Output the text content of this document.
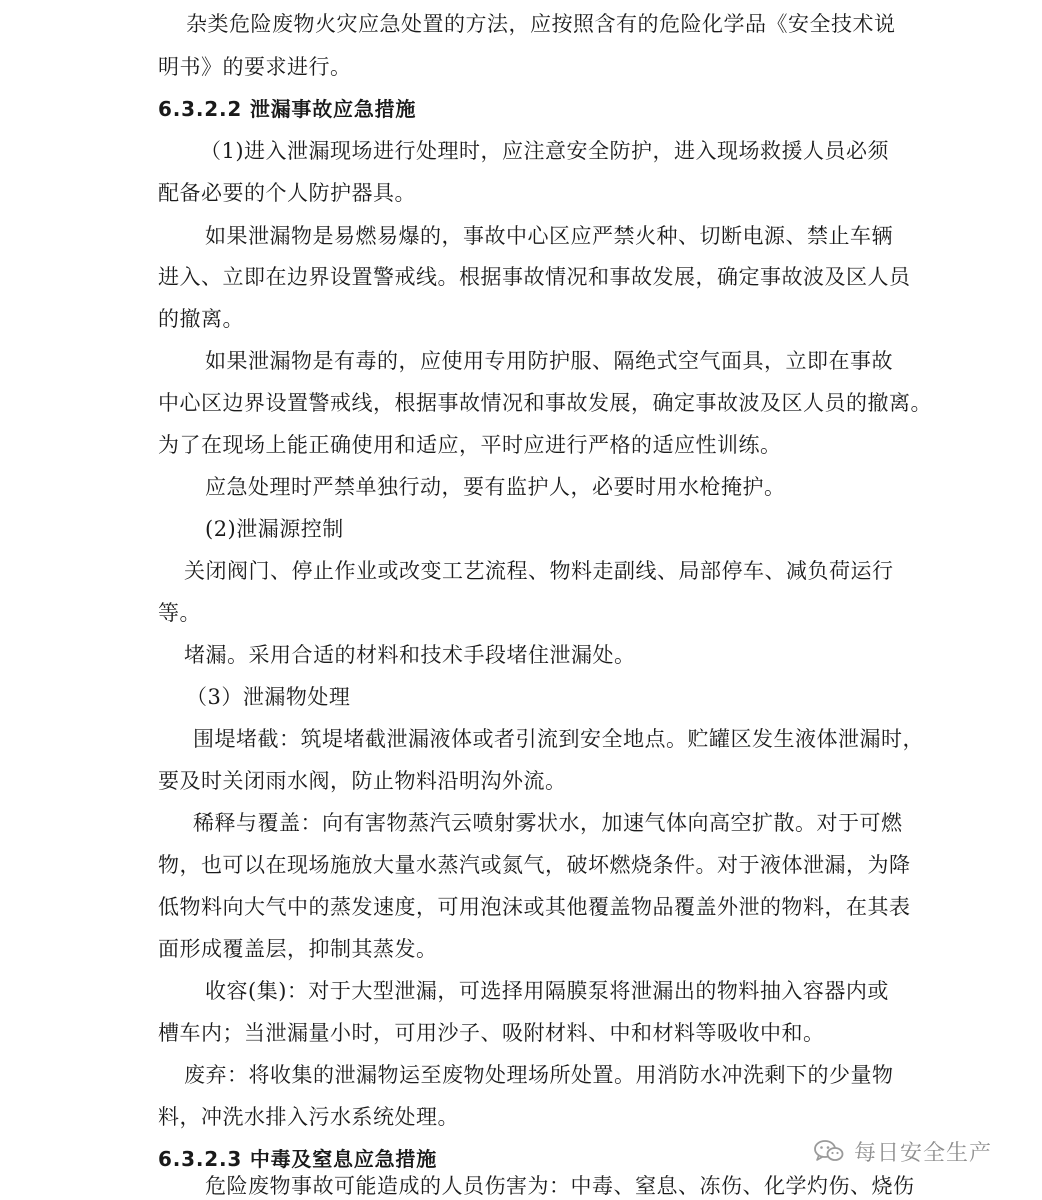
杂类危险废物火灾应急处置的方法，应按照含有的危险化学品《安全技术说
明书》的要求进行。
6.3.2.2 泄漏事故应急措施
（1)进入泄漏现场进行处理时，应注意安全防护，进入现场救援人员必须
配备必要的个人防护器具。
如果泄漏物是易燃易爆的，事故中心区应严禁火种、切断电源、禁止车辆
进入、立即在边界设置警戒线。根据事故情况和事故发展，确定事故波及区人员
的撤离。
如果泄漏物是有毒的，应使用专用防护服、隔绝式空气面具，立即在事故
中心区边界设置警戒线，根据事故情况和事故发展，确定事故波及区人员的撤离。
为了在现场上能正确使用和适应，平时应进行严格的适应性训练。
应急处理时严禁单独行动，要有监护人，必要时用水枪掩护。
(2)泄漏源控制
关闭阀门、停止作业或改变工艺流程、物料走副线、局部停车、减负荷运行
等。
堵漏。采用合适的材料和技术手段堵住泄漏处。
（3）泄漏物处理
围堤堵截：筑堤堵截泄漏液体或者引流到安全地点。贮罐区发生液体泄漏时，
要及时关闭雨水阀，防止物料沿明沟外流。
稀释与覆盖：向有害物蒸汽云喷射雾状水，加速气体向高空扩散。对于可燃
物，也可以在现场施放大量水蒸汽或氮气，破坏燃烧条件。对于液体泄漏，为降
低物料向大气中的蒸发速度，可用泡沫或其他覆盖物品覆盖外泄的物料，在其表
面形成覆盖层，抑制其蒸发。
收容(集)：对于大型泄漏，可选择用隔膜泵将泄漏出的物料抽入容器内或
槽车内；当泄漏量小时，可用沙子、吸附材料、中和材料等吸收中和。
废弃：将收集的泄漏物运至废物处理场所处置。用消防水冲洗剩下的少量物
料，冲洗水排入污水系统处理。
6.3.2.3 中毒及窒息应急措施
危险废物事故可能造成的人员伤害为：中毒、窒息、冻伤、化学灼伤、烧伤
每日安全生产
